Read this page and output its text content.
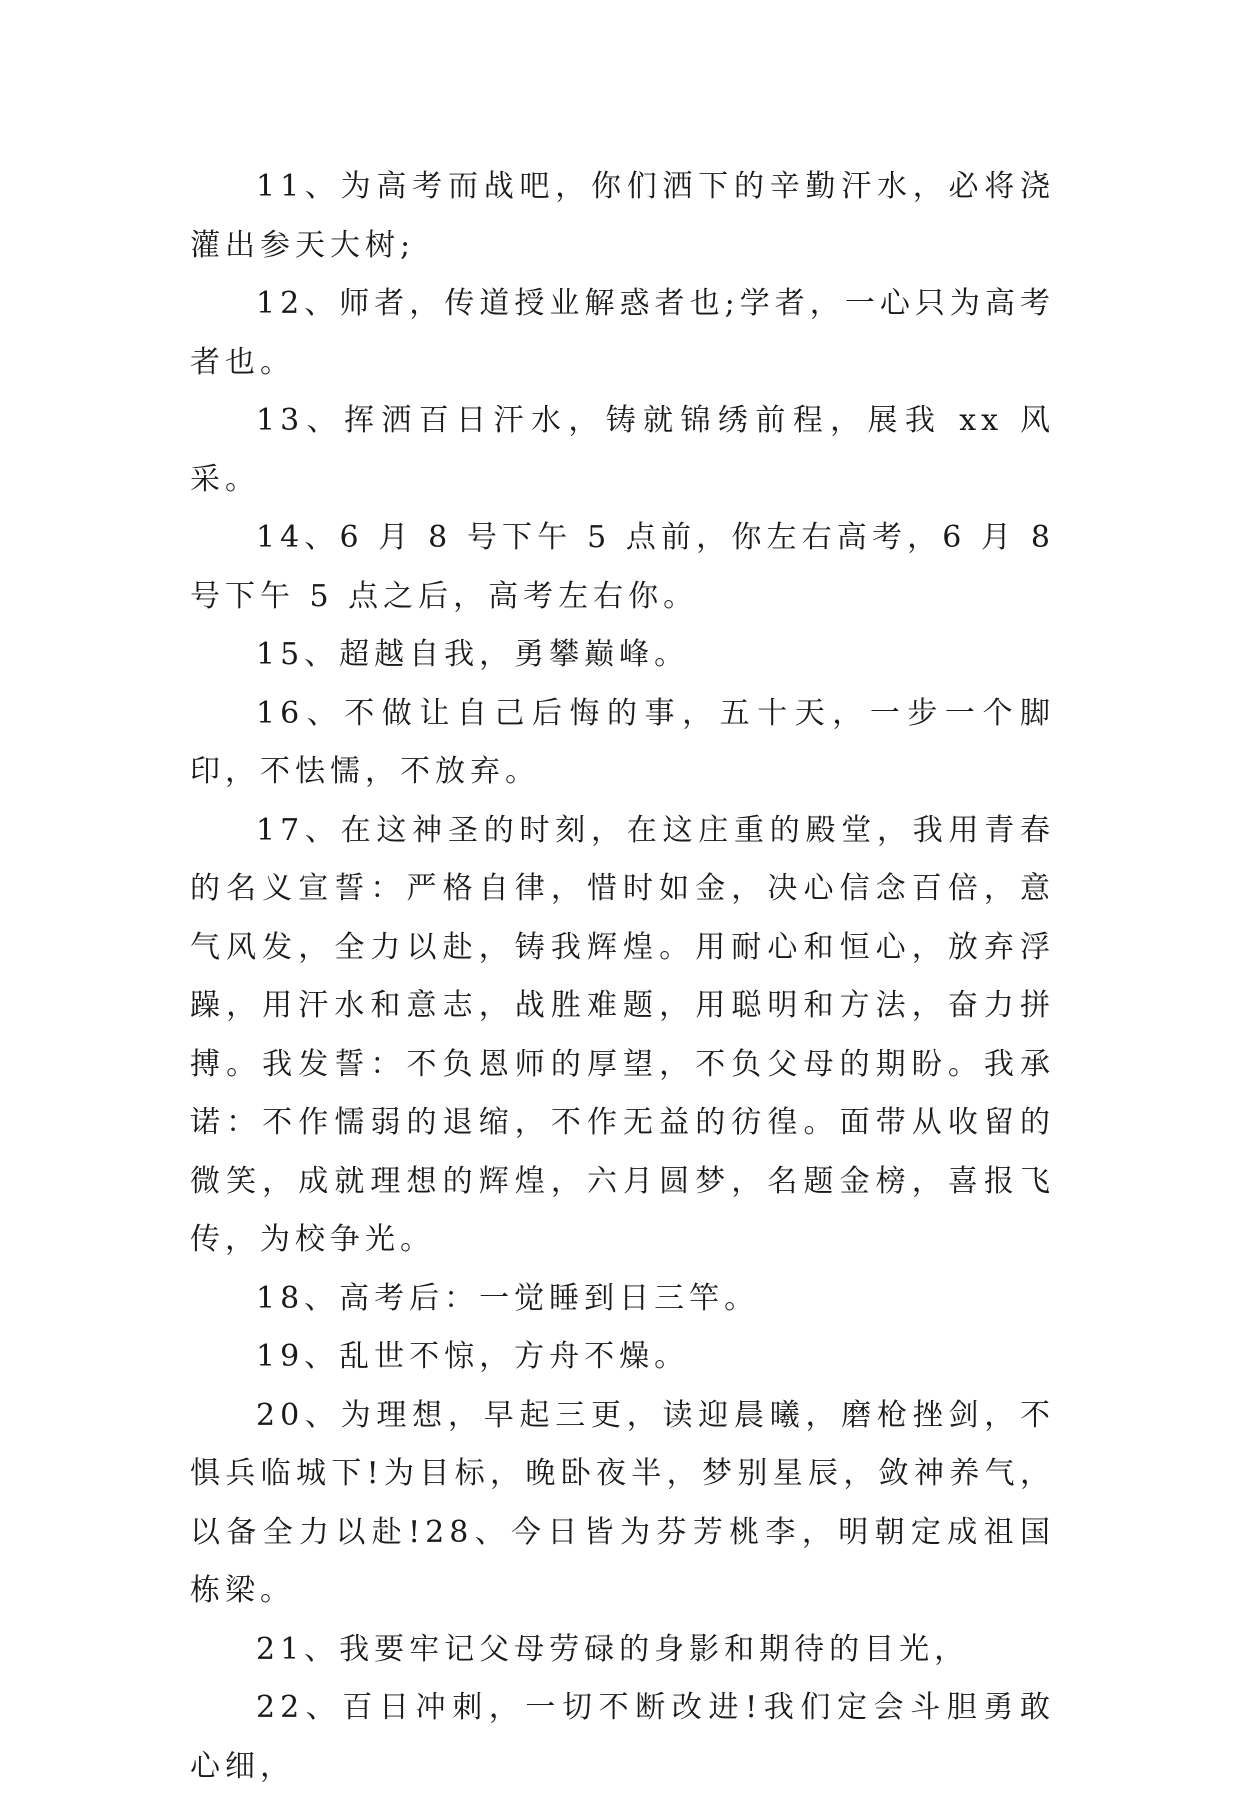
11、为高考而战吧，你们洒下的辛勤汗水，必将浇灌出参天大树;

12、师者，传道授业解惑者也;学者，一心只为高考者也。

13、挥洒百日汗水，铸就锦绣前程，展我 xx 风采。

14、6 月 8 号下午 5 点前，你左右高考，6 月 8 号下午 5 点之后，高考左右你。

15、超越自我，勇攀巅峰。

16、不做让自己后悔的事，五十天，一步一个脚印，不怯懦，不放弃。

17、在这神圣的时刻，在这庄重的殿堂，我用青春的名义宣誓：严格自律，惜时如金，决心信念百倍，意气风发，全力以赴，铸我辉煌。用耐心和恒心，放弃浮躁，用汗水和意志，战胜难题，用聪明和方法，奋力拼搏。我发誓：不负恩师的厚望，不负父母的期盼。我承诺：不作懦弱的退缩，不作无益的彷徨。面带从收留的微笑，成就理想的辉煌，六月圆梦，名题金榜，喜报飞传，为校争光。

18、高考后：一觉睡到日三竿。

19、乱世不惊，方舟不燥。

20、为理想，早起三更，读迎晨曦，磨枪挫剑，不惧兵临城下!为目标，晚卧夜半，梦别星辰，敛神养气，以备全力以赴!28、今日皆为芬芳桃李，明朝定成祖国栋梁。

21、我要牢记父母劳碌的身影和期待的目光，

22、百日冲刺，一切不断改进!我们定会斗胆勇敢心细，
